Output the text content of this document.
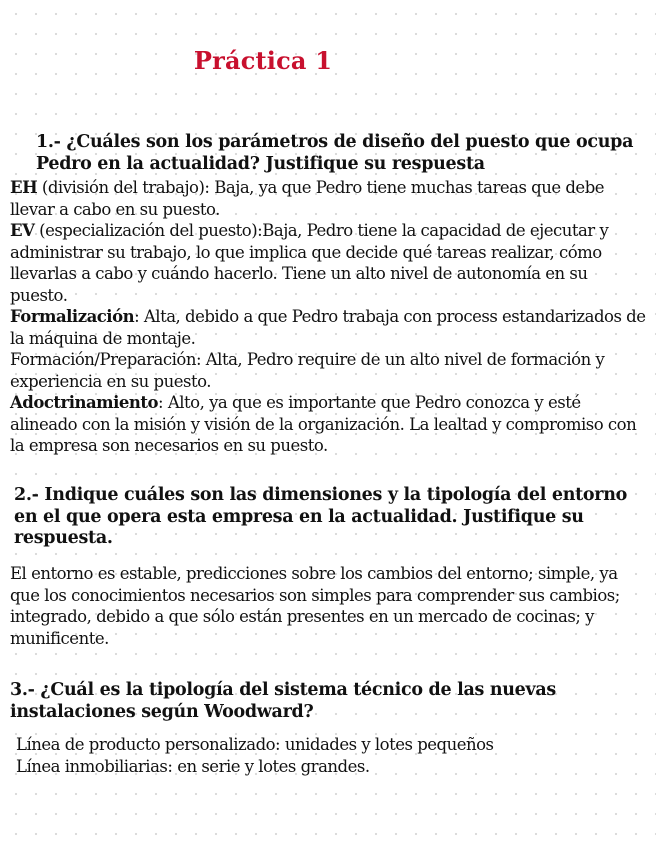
Práctica 1
1.- ¿Cuáles son los parámetros de diseño del puesto que ocupa Pedro en la actualidad? Justifique su respuesta

EH (división del trabajo): Baja, ya que Pedro tiene muchas tareas que debe llevar a cabo en su puesto.

EV (especialización del puesto):Baja, Pedro tiene la capacidad de ejecutar y administrar su trabajo, lo que implica que decide qué tareas realizar, cómo llevarlas a cabo y cuándo hacerlo. Tiene un alto nivel de autonomía en su puesto.

Formalización: Alta, debido a que Pedro trabaja con process estandarizados de la máquina de montaje.

Formación/Preparación: Alta, Pedro require de un alto nivel de formación y experiencia en su puesto.

Adoctrinamiento: Alto, ya que es importante que Pedro conozca y esté alineado con la misión y visión de la organización. La lealtad y compromiso con la empresa son necesarios en su puesto.

2.- Indique cuáles son las dimensiones y la tipología del entorno en el que opera esta empresa en la actualidad. Justifique su respuesta.

El entorno es estable, predicciones sobre los cambios del entorno; simple, ya que los conocimientos necesarios son simples para comprender sus cambios;

integrado, debido a que sólo están presentes en un mercado de cocinas; y munificente.

3.- ¿Cuál es la tipología del sistema técnico de las nuevas instalaciones según Woodward?

Línea de producto personalizado: unidades y lotes pequeños

Línea inmobiliarias: en serie y lotes grandes.
